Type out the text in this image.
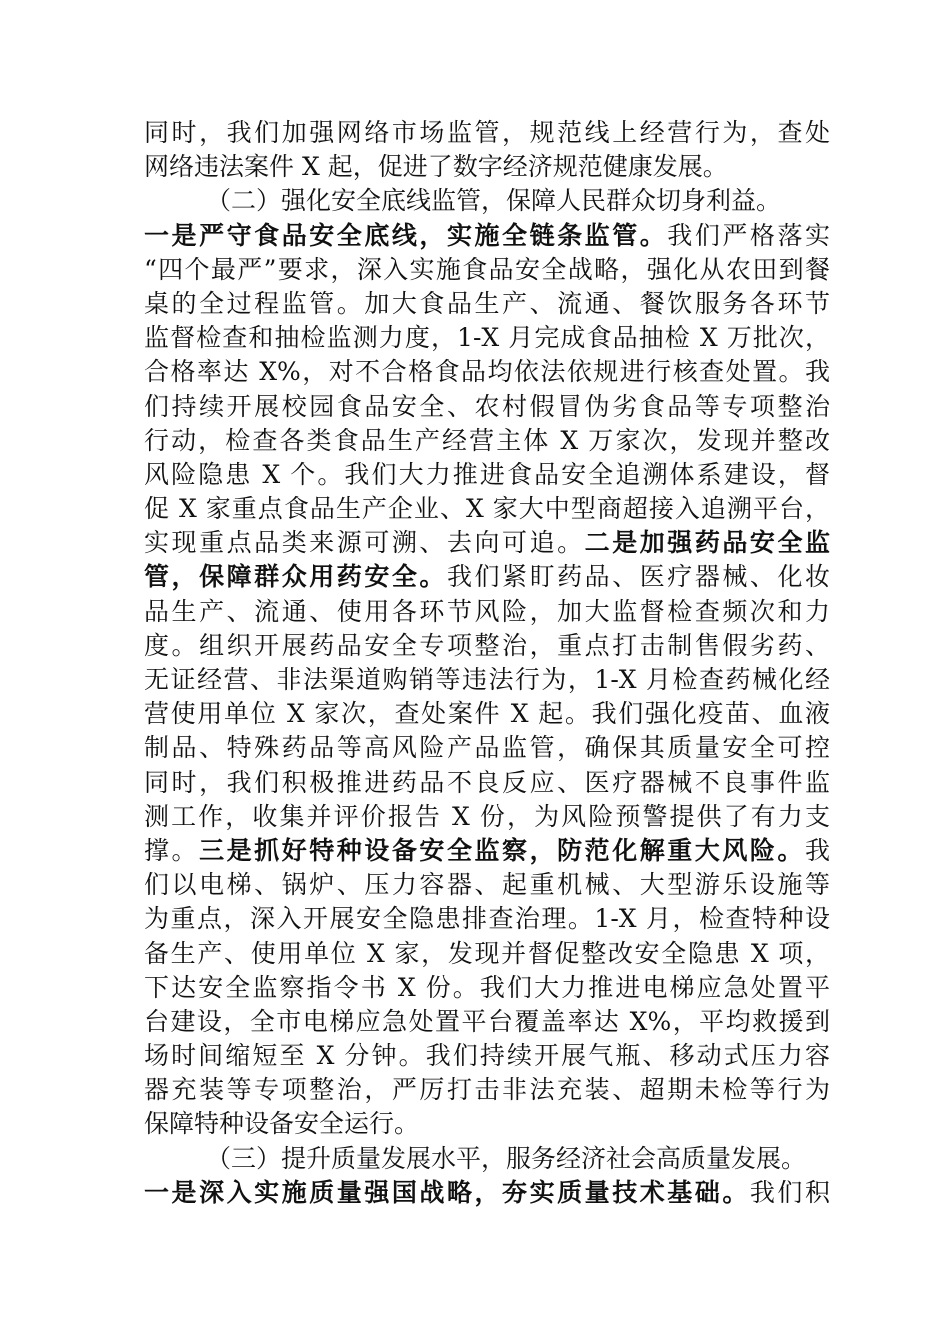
同时，我们加强网络市场监管，规范线上经营行为，查处
网络违法案件 X 起，促进了数字经济规范健康发展。
（二）强化安全底线监管，保障人民群众切身利益。
一是严守食品安全底线，实施全链条监管。我们严格落实
“四个最严”要求，深入实施食品安全战略，强化从农田到餐
桌的全过程监管。加大食品生产、流通、餐饮服务各环节
监督检查和抽检监测力度，1-X 月完成食品抽检 X 万批次，
合格率达 X%，对不合格食品均依法依规进行核查处置。我
们持续开展校园食品安全、农村假冒伪劣食品等专项整治
行动，检查各类食品生产经营主体 X 万家次，发现并整改
风险隐患 X 个。我们大力推进食品安全追溯体系建设，督
促 X 家重点食品生产企业、X 家大中型商超接入追溯平台，
实现重点品类来源可溯、去向可追。二是加强药品安全监
管，保障群众用药安全。我们紧盯药品、医疗器械、化妆
品生产、流通、使用各环节风险，加大监督检查频次和力
度。组织开展药品安全专项整治，重点打击制售假劣药、
无证经营、非法渠道购销等违法行为，1-X 月检查药械化经
营使用单位 X 家次，查处案件 X 起。我们强化疫苗、血液
制品、特殊药品等高风险产品监管，确保其质量安全可控
同时，我们积极推进药品不良反应、医疗器械不良事件监
测工作，收集并评价报告 X 份，为风险预警提供了有力支
撑。三是抓好特种设备安全监察，防范化解重大风险。我
们以电梯、锅炉、压力容器、起重机械、大型游乐设施等
为重点，深入开展安全隐患排查治理。1-X 月，检查特种设
备生产、使用单位 X 家，发现并督促整改安全隐患 X 项，
下达安全监察指令书 X 份。我们大力推进电梯应急处置平
台建设，全市电梯应急处置平台覆盖率达 X%，平均救援到
场时间缩短至 X 分钟。我们持续开展气瓶、移动式压力容
器充装等专项整治，严厉打击非法充装、超期未检等行为
保障特种设备安全运行。
（三）提升质量发展水平，服务经济社会高质量发展。
一是深入实施质量强国战略，夯实质量技术基础。我们积
